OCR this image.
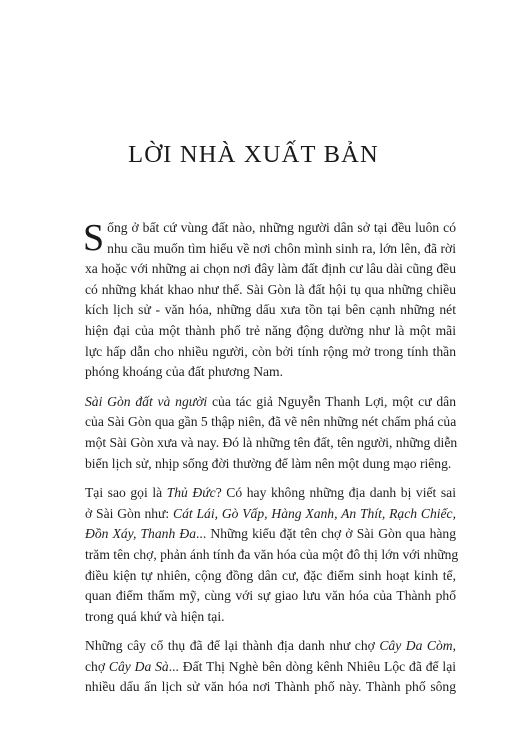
LỜI NHÀ XUẤT BẢN
S ống ở bất cứ vùng đất nào, những người dân sở tại đều luôn có
nhu cầu muốn tìm hiểu về nơi chôn mình sinh ra, lớn lên, đã rời
xa hoặc với những ai chọn nơi đây làm đất định cư lâu dài cũng đều
có những khát khao như thế. Sài Gòn là đất hội tụ qua những chiều
kích lịch sử - văn hóa, những dấu xưa tồn tại bên cạnh những nét
hiện đại của một thành phố trẻ năng động dường như là một mãi
lực hấp dẫn cho nhiều người, còn bởi tính rộng mở trong tính thần
phóng khoáng của đất phương Nam.
Sài Gòn đất và người của tác giả Nguyễn Thanh Lợi, một cư dân
của Sài Gòn qua gần 5 thập niên, đã vẽ nên những nét chấm phá của
một Sài Gòn xưa và nay. Đó là những tên đất, tên người, những diễn
biến lịch sử, nhịp sống đời thường để làm nên một dung mạo riêng.
Tại sao gọi là Thủ Đức? Có hay không những địa danh bị viết sai
ở Sài Gòn như: Cát Lái, Gò Vấp, Hàng Xanh, An Thít, Rạch Chiếc,
Đồn Xáy, Thanh Đa... Những kiểu đặt tên chợ ở Sài Gòn qua hàng
trăm tên chợ, phản ánh tính đa văn hóa của một đô thị lớn với những
điều kiện tự nhiên, cộng đồng dân cư, đặc điểm sinh hoạt kinh tế,
quan điểm thẩm mỹ, cùng với sự giao lưu văn hóa của Thành phố
trong quá khứ và hiện tại.
Những cây cổ thụ đã để lại thành địa danh như chợ Cây Da Còm,
chợ Cây Da Sà... Đất Thị Nghè bên dòng kênh Nhiêu Lộc đã để lại
nhiều dấu ấn lịch sử văn hóa nơi Thành phố này. Thành phố sông
